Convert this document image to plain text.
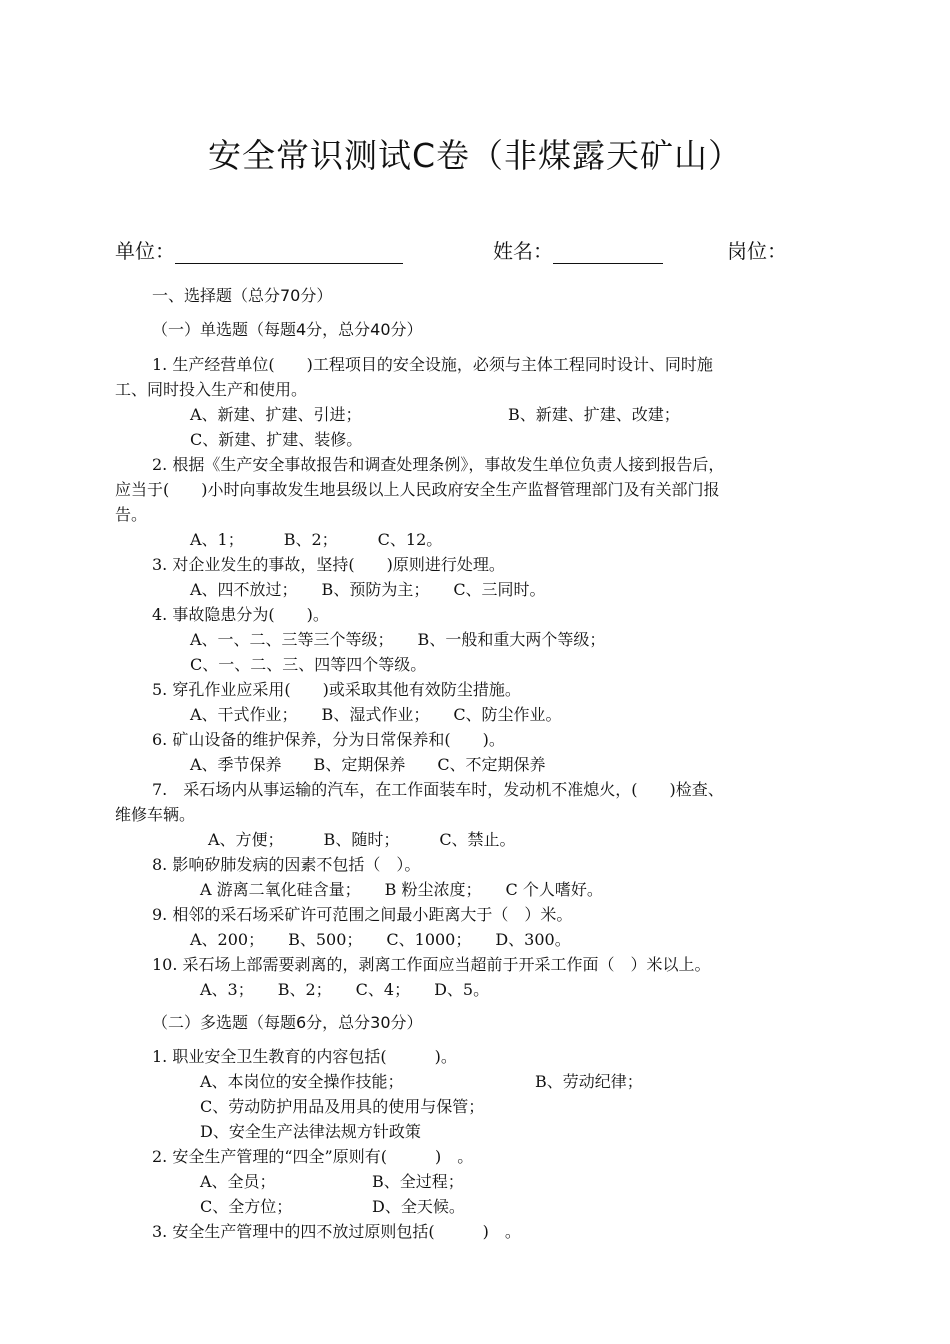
安全常识测试C卷（非煤露天矿山）
单位：	姓名：	岗位：
一、选择题（总分70分）
（一）单选题（每题4分，总分40分）
1. 生产经营单位(　　)工程项目的安全设施，必须与主体工程同时设计、同时施
工、同时投入生产和使用。
A、新建、扩建、引进；	B、新建、扩建、改建；
C、新建、扩建、装修。
2. 根据《生产安全事故报告和调查处理条例》，事故发生单位负责人接到报告后，
应当于(　　)小时向事故发生地县级以上人民政府安全生产监督管理部门及有关部门报
告。
A、1；　　　B、2；　　　C、12。
3. 对企业发生的事故，坚持(　　)原则进行处理。
A、四不放过；　　B、预防为主；　　C、三同时。
4. 事故隐患分为(　　)。
A、一、二、三等三个等级；　　B、一般和重大两个等级；
C、一、二、三、四等四个等级。
5. 穿孔作业应采用(　　)或采取其他有效防尘措施。
A、干式作业；　　B、湿式作业；　　C、防尘作业。
6. 矿山设备的维护保养，分为日常保养和(　　)。
A、季节保养　　B、定期保养　　C、不定期保养
7.　采石场内从事运输的汽车，在工作面装车时，发动机不准熄火，(　　)检查、
维修车辆。
A、方便；　　　B、随时；　　　C、禁止。
8. 影响矽肺发病的因素不包括（　）。
A 游离二氧化硅含量；　　B 粉尘浓度；　　C 个人嗜好。
9. 相邻的采石场采矿许可范围之间最小距离大于（　）米。
A、200；　　B、500；　　C、1000；　　D、300。
10. 采石场上部需要剥离的，剥离工作面应当超前于开采工作面（　）米以上。
A、3；　　B、2；　　C、4；　　D、5。
（二）多选题（每题6分，总分30分）
1. 职业安全卫生教育的内容包括(　　　)。
A、本岗位的安全操作技能；	B、劳动纪律；
C、劳动防护用品及用具的使用与保管；
D、安全生产法律法规方针政策
2. 安全生产管理的“四全”原则有(　　　)　。
A、全员；	B、全过程；
C、全方位；	D、全天候。
3. 安全生产管理中的四不放过原则包括(　　　)　。
